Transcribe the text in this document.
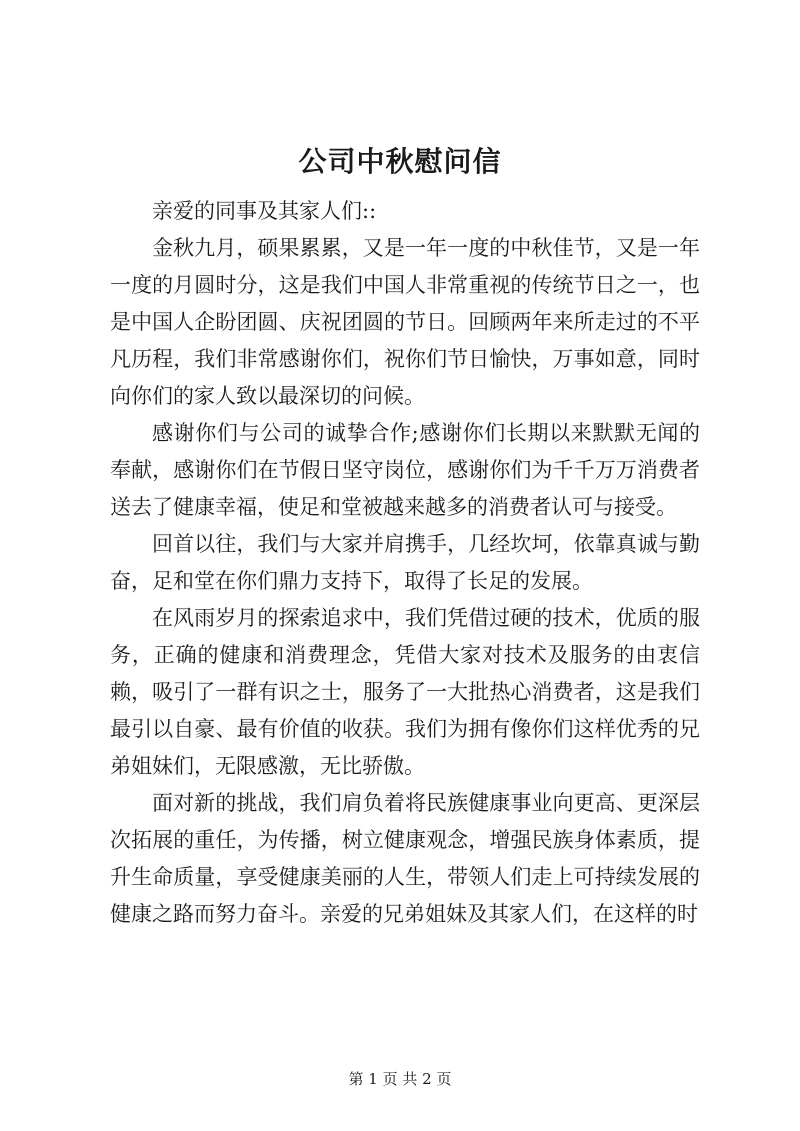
公司中秋慰问信

亲爱的同事及其家人们::

金秋九月，硕果累累，又是一年一度的中秋佳节，又是一年一度的月圆时分，这是我们中国人非常重视的传统节日之一，也是中国人企盼团圆、庆祝团圆的节日。回顾两年来所走过的不平凡历程，我们非常感谢你们，祝你们节日愉快，万事如意，同时向你们的家人致以最深切的问候。

感谢你们与公司的诚挚合作;感谢你们长期以来默默无闻的奉献，感谢你们在节假日坚守岗位，感谢你们为千千万万消费者送去了健康幸福，使足和堂被越来越多的消费者认可与接受。

回首以往，我们与大家并肩携手，几经坎坷，依靠真诚与勤奋，足和堂在你们鼎力支持下，取得了长足的发展。

在风雨岁月的探索追求中，我们凭借过硬的技术，优质的服务，正确的健康和消费理念，凭借大家对技术及服务的由衷信赖，吸引了一群有识之士，服务了一大批热心消费者，这是我们最引以自豪、最有价值的收获。我们为拥有像你们这样优秀的兄弟姐妹们，无限感激，无比骄傲。

面对新的挑战，我们肩负着将民族健康事业向更高、更深层次拓展的重任，为传播，树立健康观念，增强民族身体素质，提升生命质量，享受健康美丽的人生，带领人们走上可持续发展的健康之路而努力奋斗。亲爱的兄弟姐妹及其家人们，在这样的时

第 1 页 共 2 页
